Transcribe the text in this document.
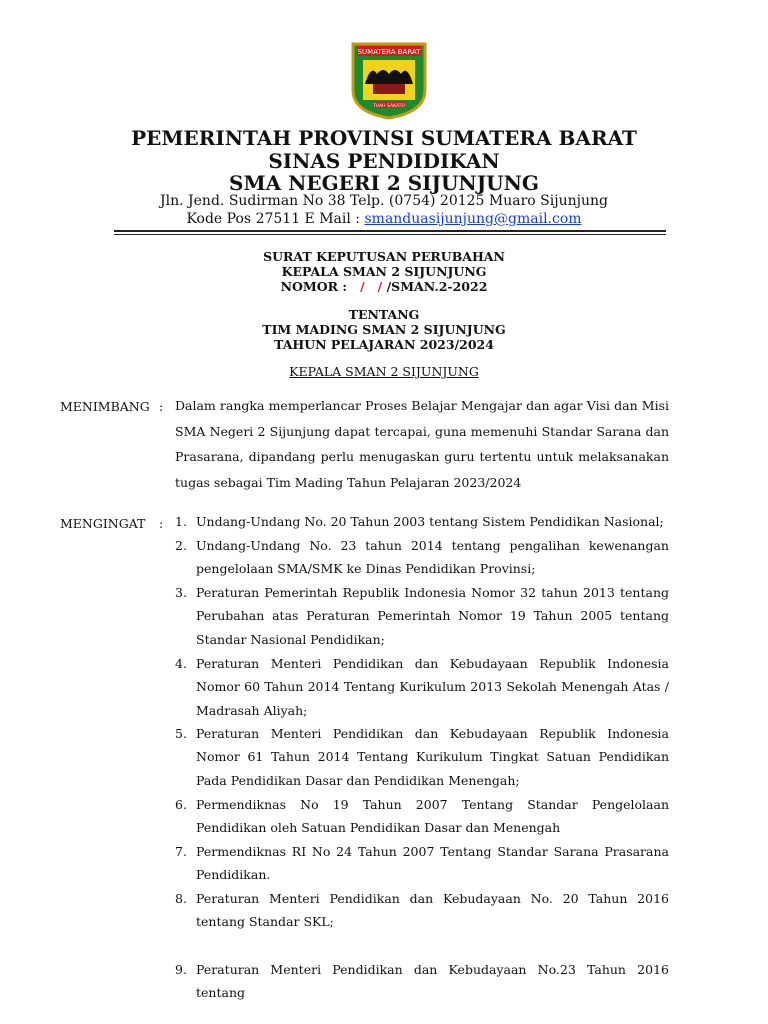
SUMATERA BARAT
TUAH SAKATO
PEMERINTAH PROVINSI SUMATERA BARAT
SINAS PENDIDIKAN
SMA NEGERI 2 SIJUNJUNG
Jln. Jend. Sudirman No 38 Telp. (0754) 20125 Muaro Sijunjung
Kode Pos 27511 E Mail : smanduasijunjung@gmail.com
SURAT KEPUTUSAN PERUBAHAN
KEPALA SMAN 2 SIJUNJUNG
NOMOR : /   / /SMAN.2-2022
TENTANG
TIM MADING SMAN 2 SIJUNJUNG
TAHUN PELAJARAN 2023/2024
KEPALA SMAN 2 SIJUNJUNG
MENIMBANG : Dalam rangka memperlancar Proses Belajar Mengajar dan agar Visi dan Misi SMA Negeri 2 Sijunjung dapat tercapai, guna memenuhi Standar Sarana dan Prasarana, dipandang perlu menugaskan guru tertentu untuk melaksanakan tugas sebagai Tim Mading Tahun Pelajaran 2023/2024
MENGINGAT : 1. Undang-Undang No. 20 Tahun 2003 tentang Sistem Pendidikan Nasional;
2. Undang-Undang No. 23 tahun 2014 tentang pengalihan kewenangan pengelolaan SMA/SMK ke Dinas Pendidikan Provinsi;
3. Peraturan Pemerintah Republik Indonesia Nomor 32 tahun 2013 tentang Perubahan atas Peraturan Pemerintah Nomor 19 Tahun 2005 tentang Standar Nasional Pendidikan;
4. Peraturan Menteri Pendidikan dan Kebudayaan Republik Indonesia Nomor 60 Tahun 2014 Tentang Kurikulum 2013 Sekolah Menengah Atas / Madrasah Aliyah;
5. Peraturan Menteri Pendidikan dan Kebudayaan Republik Indonesia Nomor 61 Tahun 2014 Tentang Kurikulum Tingkat Satuan Pendidikan Pada Pendidikan Dasar dan Pendidikan Menengah;
6. Permendiknas No 19 Tahun 2007 Tentang Standar Pengelolaan Pendidikan oleh Satuan Pendidikan Dasar dan Menengah
7. Permendiknas RI No 24 Tahun 2007 Tentang Standar Sarana Prasarana Pendidikan.
8. Peraturan Menteri Pendidikan dan Kebudayaan No. 20 Tahun 2016 tentang Standar SKL;
9. Peraturan Menteri Pendidikan dan Kebudayaan No.23 Tahun 2016 tentang
